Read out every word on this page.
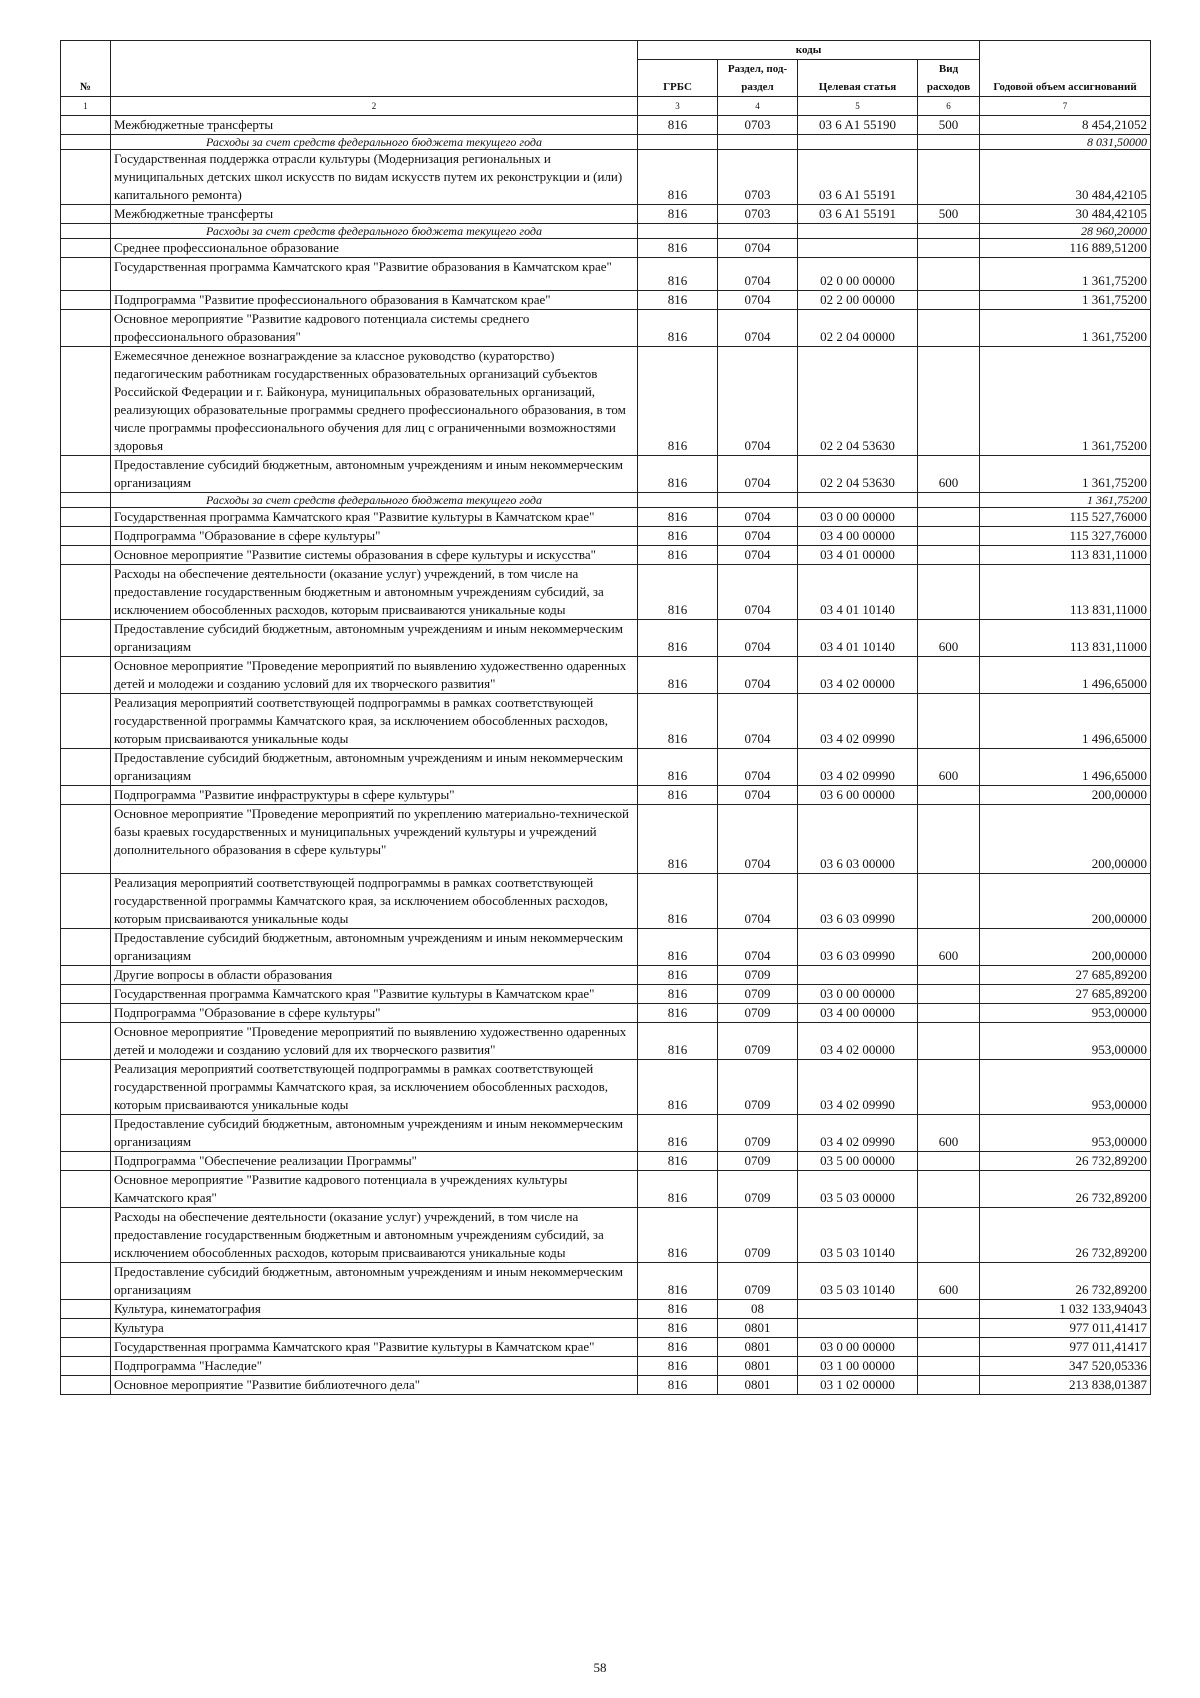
№		коды				Годовой объем ассигнований
		ГРБС	Раздел, под-раздел	Целевая статья	Вид расходов	
1	2	3	4	5	6	7
	Межбюджетные трансферты	816	0703	03 6 A1 55190	500	8 454,21052
	Расходы за счет средств федерального бюджета текущего года					8 031,50000
	Государственная поддержка отрасли культуры (Модернизация региональных и муниципальных детских школ искусств по видам искусств путем их реконструкции и (или) капитального ремонта)	816	0703	03 6 A1 55191		30 484,42105
	Межбюджетные трансферты	816	0703	03 6 A1 55191	500	30 484,42105
	Расходы за счет средств федерального бюджета текущего года					28 960,20000
	Среднее профессиональное образование	816	0704			116 889,51200
	Государственная программа Камчатского края "Развитие образования в Камчатском крае"	816	0704	02 0 00 00000		1 361,75200
	Подпрограмма "Развитие профессионального образования в Камчатском крае"	816	0704	02 2 00 00000		1 361,75200
	Основное мероприятие "Развитие кадрового потенциала системы среднего профессионального образования"	816	0704	02 2 04 00000		1 361,75200
	Ежемесячное денежное вознаграждение за классное руководство (кураторство) педагогическим работникам государственных образовательных организаций субъектов Российской Федерации и г. Байконура, муниципальных образовательных организаций, реализующих образовательные программы среднего профессионального образования, в том числе программы профессионального обучения для лиц с ограниченными возможностями здоровья	816	0704	02 2 04 53630		1 361,75200
	Предоставление субсидий бюджетным, автономным учреждениям и иным некоммерческим организациям	816	0704	02 2 04 53630	600	1 361,75200
	Расходы за счет средств федерального бюджета текущего года					1 361,75200
	Государственная программа Камчатского края "Развитие культуры в Камчатском крае"	816	0704	03 0 00 00000		115 527,76000
	Подпрограмма "Образование в сфере культуры"	816	0704	03 4 00 00000		115 327,76000
	Основное мероприятие "Развитие системы образования в сфере культуры и искусства"	816	0704	03 4 01 00000		113 831,11000
	Расходы на обеспечение деятельности (оказание услуг) учреждений, в том числе на предоставление государственным бюджетным и автономным учреждениям субсидий, за исключением обособленных расходов, которым присваиваются уникальные коды	816	0704	03 4 01 10140		113 831,11000
	Предоставление субсидий бюджетным, автономным учреждениям и иным некоммерческим организациям	816	0704	03 4 01 10140	600	113 831,11000
	Основное мероприятие "Проведение мероприятий по выявлению художественно одаренных детей и молодежи и созданию условий для их творческого развития"	816	0704	03 4 02 00000		1 496,65000
	Реализация мероприятий соответствующей подпрограммы в рамках соответствующей государственной программы Камчатского края, за исключением обособленных расходов, которым присваиваются уникальные коды	816	0704	03 4 02 09990		1 496,65000
	Предоставление субсидий бюджетным, автономным учреждениям и иным некоммерческим организациям	816	0704	03 4 02 09990	600	1 496,65000
	Подпрограмма "Развитие инфраструктуры в сфере культуры"	816	0704	03 6 00 00000		200,00000
	Основное мероприятие "Проведение мероприятий по укреплению материально-технической базы краевых государственных и муниципальных учреждений культуры и учреждений дополнительного образования в сфере культуры"	816	0704	03 6 03 00000		200,00000
	Реализация мероприятий соответствующей подпрограммы в рамках соответствующей государственной программы Камчатского края, за исключением обособленных расходов, которым присваиваются уникальные коды	816	0704	03 6 03 09990		200,00000
	Предоставление субсидий бюджетным, автономным учреждениям и иным некоммерческим организациям	816	0704	03 6 03 09990	600	200,00000
	Другие вопросы в области образования	816	0709			27 685,89200
	Государственная программа Камчатского края "Развитие культуры в Камчатском крае"	816	0709	03 0 00 00000		27 685,89200
	Подпрограмма "Образование в сфере культуры"	816	0709	03 4 00 00000		953,00000
	Основное мероприятие "Проведение мероприятий по выявлению художественно одаренных детей и молодежи и созданию условий для их творческого развития"	816	0709	03 4 02 00000		953,00000
	Реализация мероприятий соответствующей подпрограммы в рамках соответствующей государственной программы Камчатского края, за исключением обособленных расходов, которым присваиваются уникальные коды	816	0709	03 4 02 09990		953,00000
	Предоставление субсидий бюджетным, автономным учреждениям и иным некоммерческим организациям	816	0709	03 4 02 09990	600	953,00000
	Подпрограмма "Обеспечение реализации Программы"	816	0709	03 5 00 00000		26 732,89200
	Основное мероприятие "Развитие кадрового потенциала в учреждениях культуры Камчатского края"	816	0709	03 5 03 00000		26 732,89200
	Расходы на обеспечение деятельности (оказание услуг) учреждений, в том числе на предоставление государственным бюджетным и автономным учреждениям субсидий, за исключением обособленных расходов, которым присваиваются уникальные коды	816	0709	03 5 03 10140		26 732,89200
	Предоставление субсидий бюджетным, автономным учреждениям и иным некоммерческим организациям	816	0709	03 5 03 10140	600	26 732,89200
	Культура, кинематография	816	08			1 032 133,94043
	Культура	816	0801			977 011,41417
	Государственная программа Камчатского края "Развитие культуры в Камчатском крае"	816	0801	03 0 00 00000		977 011,41417
	Подпрограмма "Наследие"	816	0801	03 1 00 00000		347 520,05336
	Основное мероприятие "Развитие библиотечного дела"	816	0801	03 1 02 00000		213 838,01387
58
